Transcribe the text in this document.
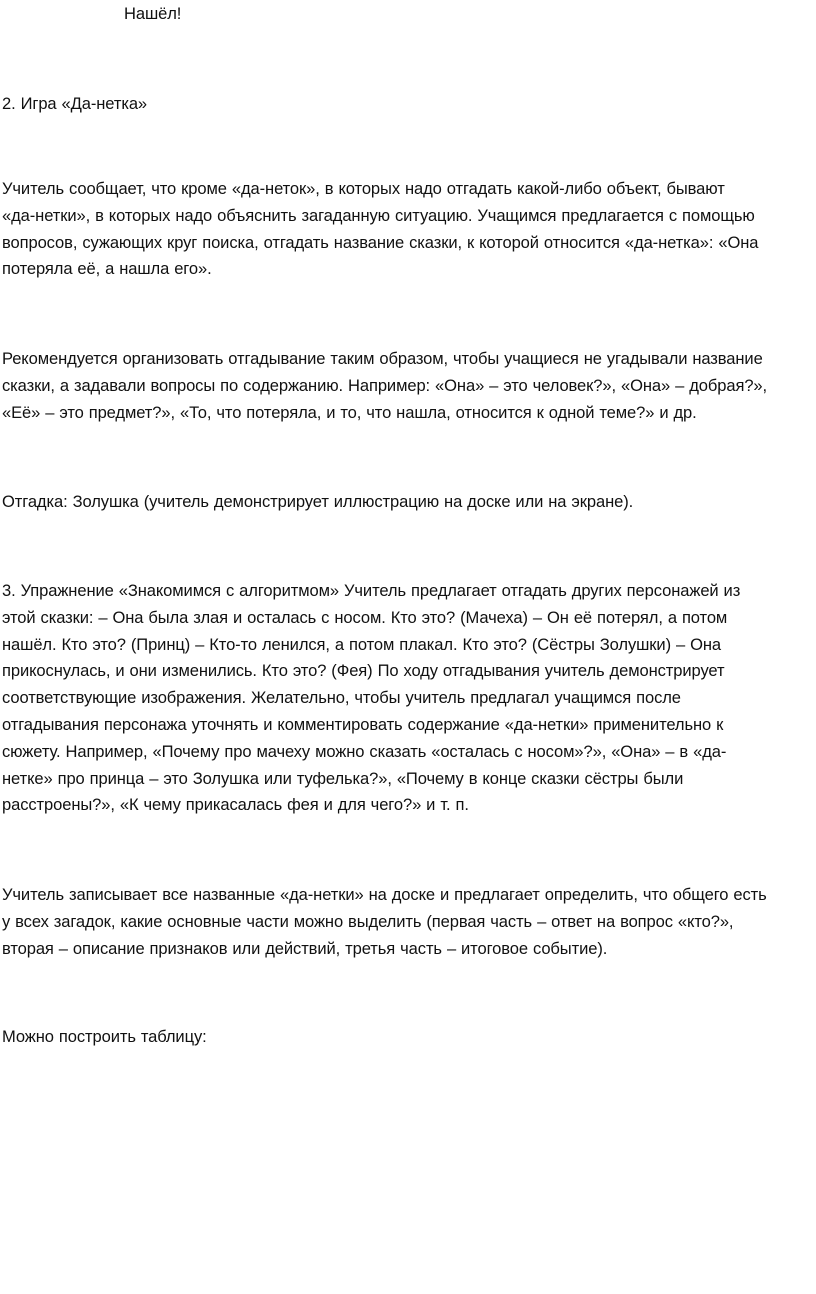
Нашёл!

2. Игра «Да-нетка»

Учитель сообщает, что кроме «да-неток», в которых надо отгадать какой-либо объект, бывают
«да-нетки», в которых надо объяснить загаданную ситуацию. Учащимся предлагается с помощью
вопросов, сужающих круг поиска, отгадать название сказки, к которой относится «да-нетка»: «Она
потеряла её, а нашла его».

Рекомендуется организовать отгадывание таким образом, чтобы учащиеся не угадывали название
сказки, а задавали вопросы по содержанию. Например: «Она» – это человек?», «Она» – добрая?»,
«Её» – это предмет?», «То, что потеряла, и то, что нашла, относится к одной теме?» и др.

Отгадка: Золушка (учитель демонстрирует иллюстрацию на доске или на экране).

3. Упражнение «Знакомимся с алгоритмом» Учитель предлагает отгадать других персонажей из
этой сказки: – Она была злая и осталась с носом. Кто это? (Мачеха) – Он её потерял, а потом
нашёл. Кто это? (Принц) – Кто-то ленился, а потом плакал. Кто это? (Сёстры Золушки) – Она
прикоснулась, и они изменились. Кто это? (Фея) По ходу отгадывания учитель демонстрирует
соответствующие изображения. Желательно, чтобы учитель предлагал учащимся после
отгадывания персонажа уточнять и комментировать содержание «да-нетки» применительно к
сюжету. Например, «Почему про мачеху можно сказать «осталась с носом»?», «Она» – в «да-
нетке» про принца – это Золушка или туфелька?», «Почему в конце сказки сёстры были
расстроены?», «К чему прикасалась фея и для чего?» и т. п.

Учитель записывает все названные «да-нетки» на доске и предлагает определить, что общего есть
у всех загадок, какие основные части можно выделить (первая часть – ответ на вопрос «кто?»,
вторая – описание признаков или действий, третья часть – итоговое событие).

Можно построить таблицу:
